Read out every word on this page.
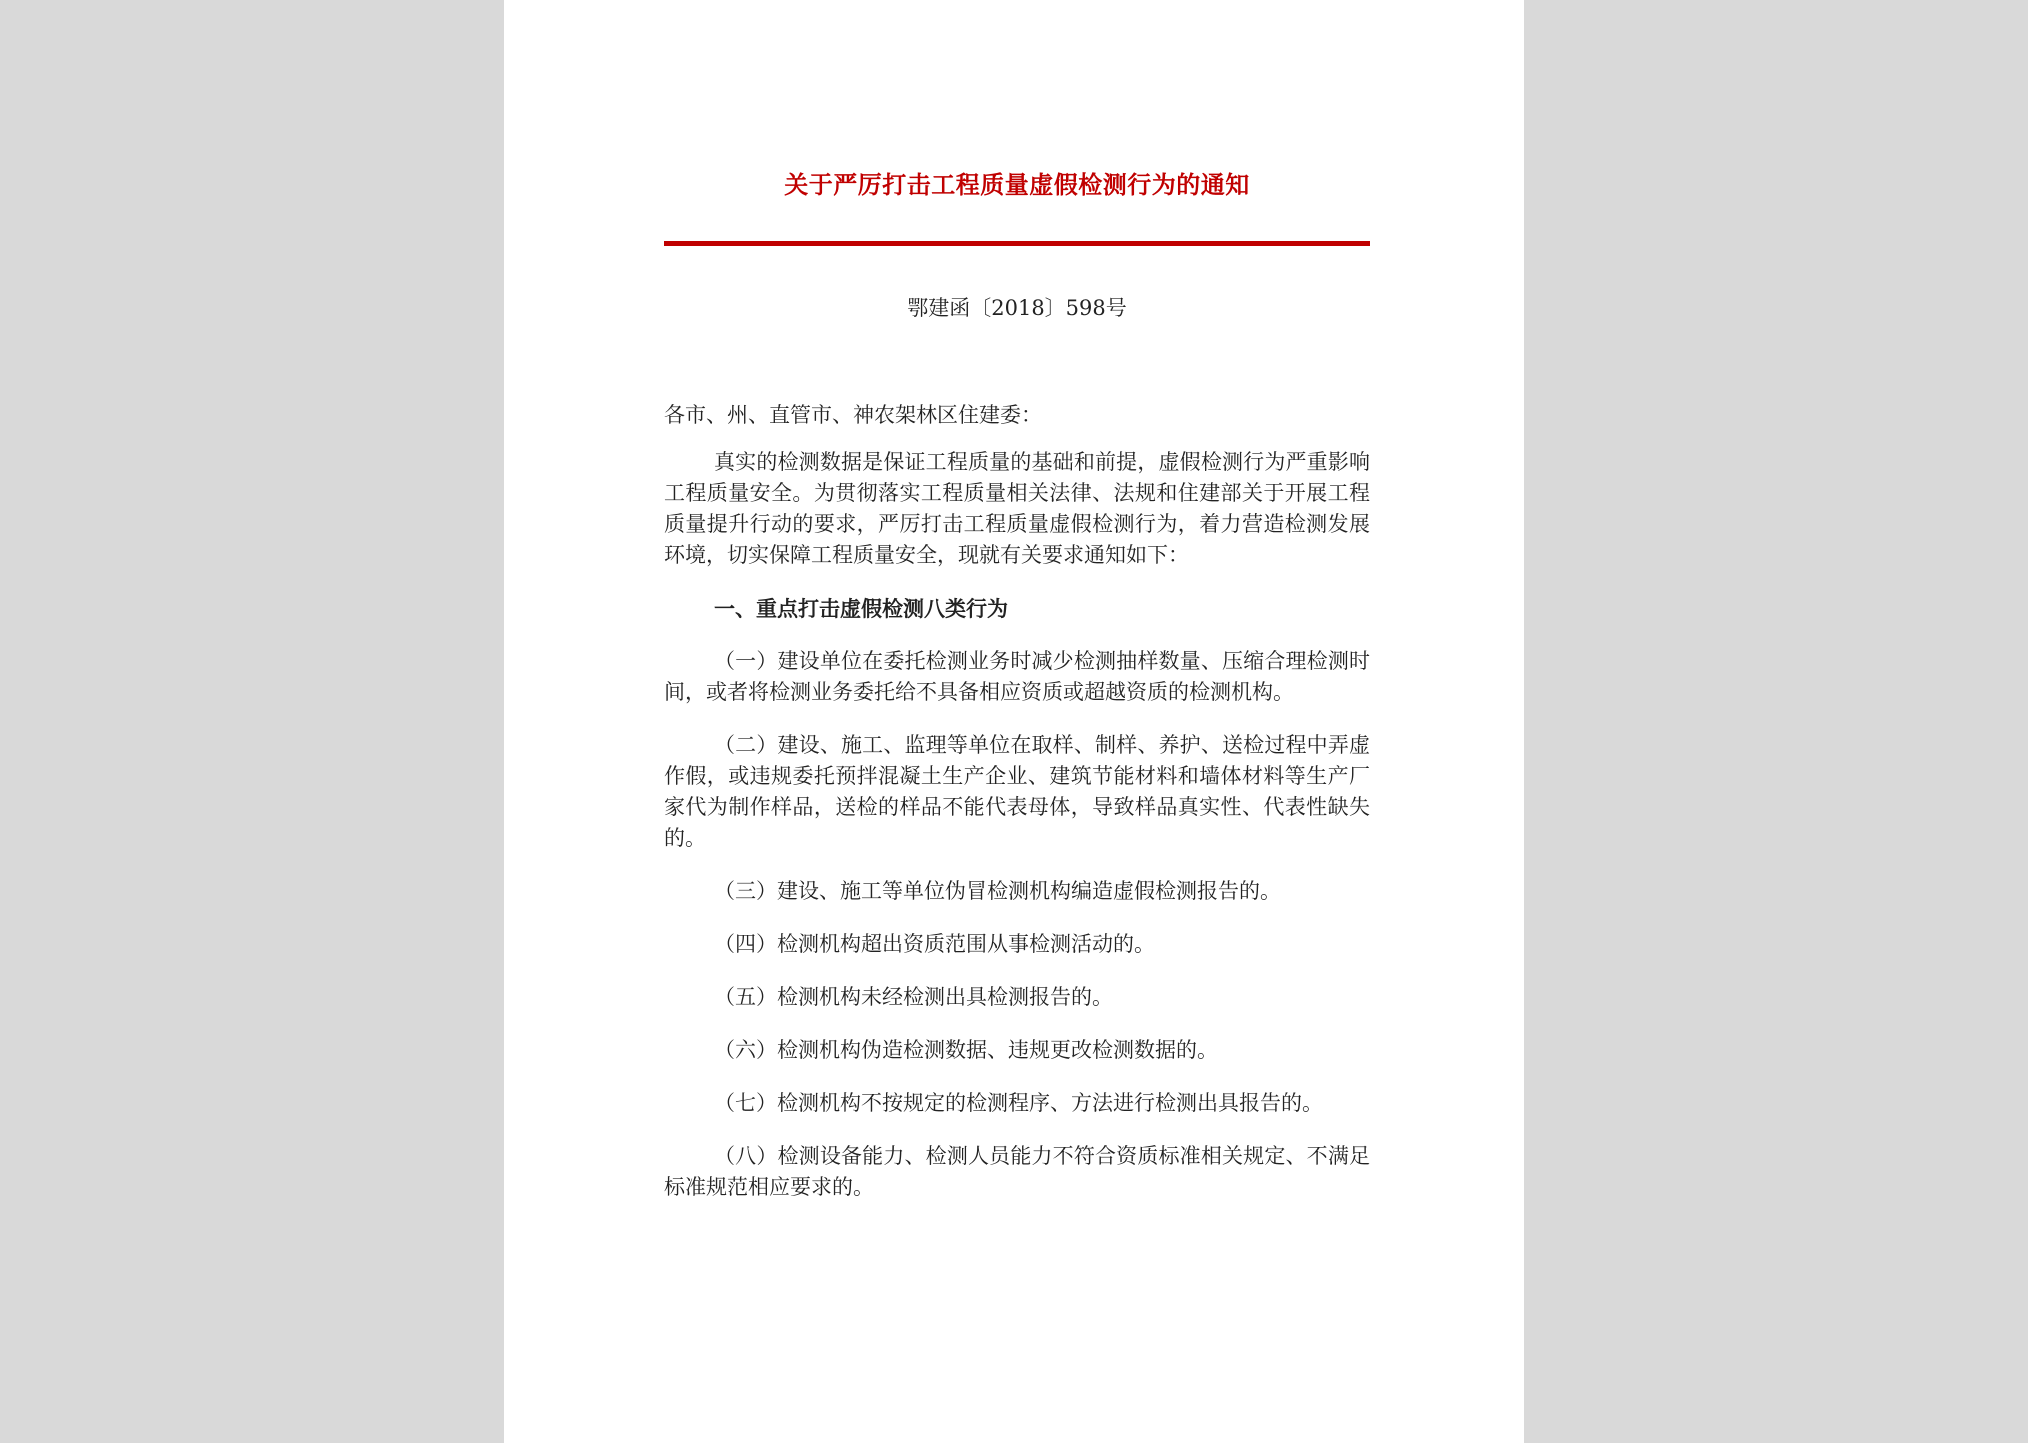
关于严厉打击工程质量虚假检测行为的通知
鄂建函〔2018〕598号

各市、州、直管市、神农架林区住建委：

真实的检测数据是保证工程质量的基础和前提，虚假检测行为严重影响工程质量安全。为贯彻落实工程质量相关法律、法规和住建部关于开展工程质量提升行动的要求，严厉打击工程质量虚假检测行为，着力营造检测发展环境，切实保障工程质量安全，现就有关要求通知如下：

一、重点打击虚假检测八类行为

（一）建设单位在委托检测业务时减少检测抽样数量、压缩合理检测时间，或者将检测业务委托给不具备相应资质或超越资质的检测机构。

（二）建设、施工、监理等单位在取样、制样、养护、送检过程中弄虚作假，或违规委托预拌混凝土生产企业、建筑节能材料和墙体材料等生产厂家代为制作样品，送检的样品不能代表母体，导致样品真实性、代表性缺失的。

（三）建设、施工等单位伪冒检测机构编造虚假检测报告的。

（四）检测机构超出资质范围从事检测活动的。

（五）检测机构未经检测出具检测报告的。

（六）检测机构伪造检测数据、违规更改检测数据的。

（七）检测机构不按规定的检测程序、方法进行检测出具报告的。

（八）检测设备能力、检测人员能力不符合资质标准相关规定、不满足标准规范相应要求的。
